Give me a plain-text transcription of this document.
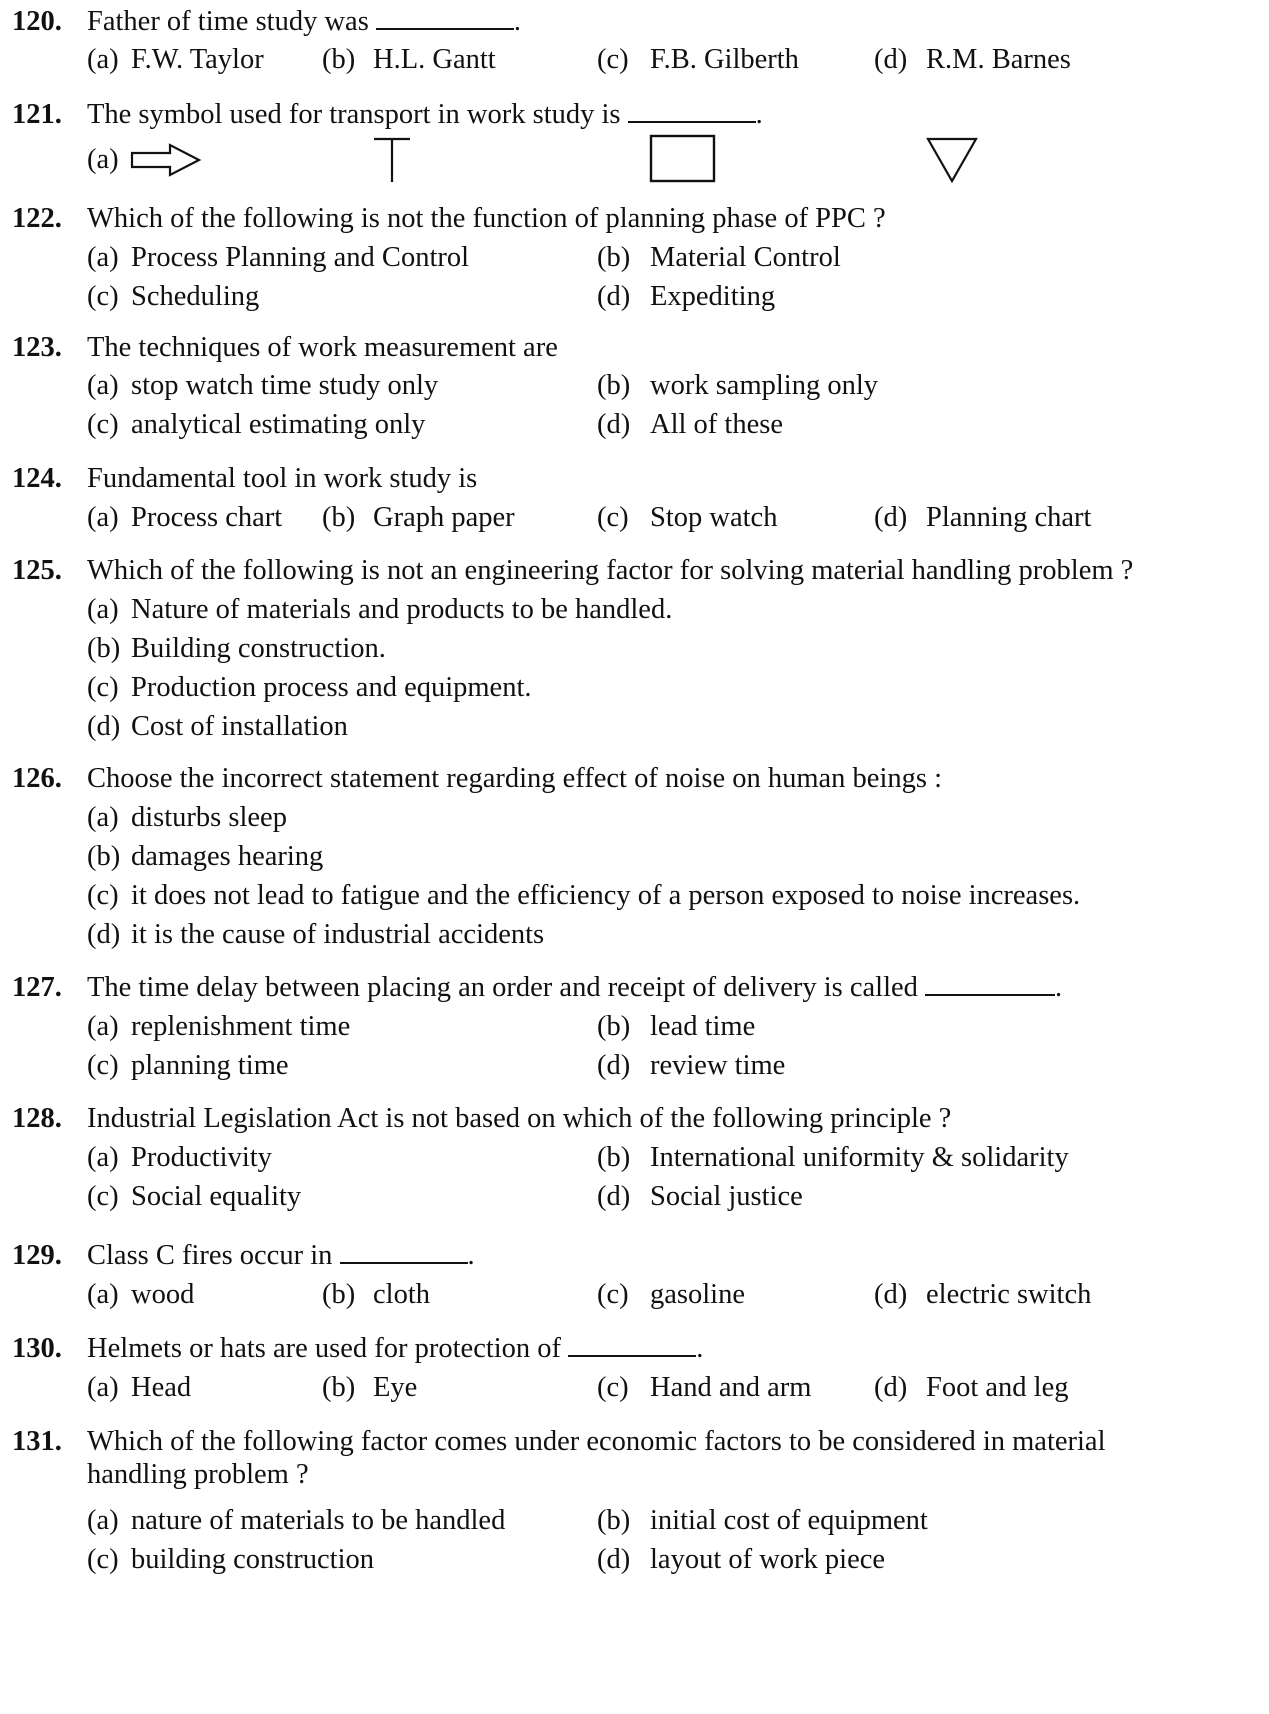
120. Father of time study was	.
(a) F.W. Taylor (b) H.L. Gantt	(c) F.B. Gilberth	(d) R.M. Barnes
121. The symbol used for transport in work study is	.
(a)
122. Which of the following is not the function of planning phase of PPC ?
(a) Process Planning and Control	(b) Material Control
(c) Scheduling	(d) Expediting
123. The techniques of work measurement are
(a) stop watch time study only	(b) work sampling only
(c) analytical estimating only	(d) All of these
124. Fundamental tool in work study is
(a) Process chart (b) Graph paper	(c) Stop watch	(d) Planning chart
125. Which of the following is not an engineering factor for solving material handling problem ?
(a) Nature of materials and products to be handled.
(b) Building construction.
(c) Production process and equipment.
(d) Cost of installation
126. Choose the incorrect statement regarding effect of noise on human beings :
(a) disturbs sleep
(b) damages hearing
(c) it does not lead to fatigue and the efficiency of a person exposed to noise increases.
(d) it is the cause of industrial accidents
127. The time delay between placing an order and receipt of delivery is called	.
(a) replenishment time	(b) lead time
(c) planning time	(d) review time
128. Industrial Legislation Act is not based on which of the following principle ?
(a) Productivity	(b) International uniformity & solidarity
(c) Social equality	(d) Social justice
129. Class C fires occur in	.
(a) wood	(b) cloth	(c) gasoline	(d) electric switch
130. Helmets or hats are used for protection of	.
(a) Head	(b) Eye	(c) Hand and arm (d) Foot and leg
131. Which of the following factor comes under economic factors to be considered in material
handling problem ?
(a) nature of materials to be handled	(b) initial cost of equipment
(c) building construction	(d) layout of work piece
